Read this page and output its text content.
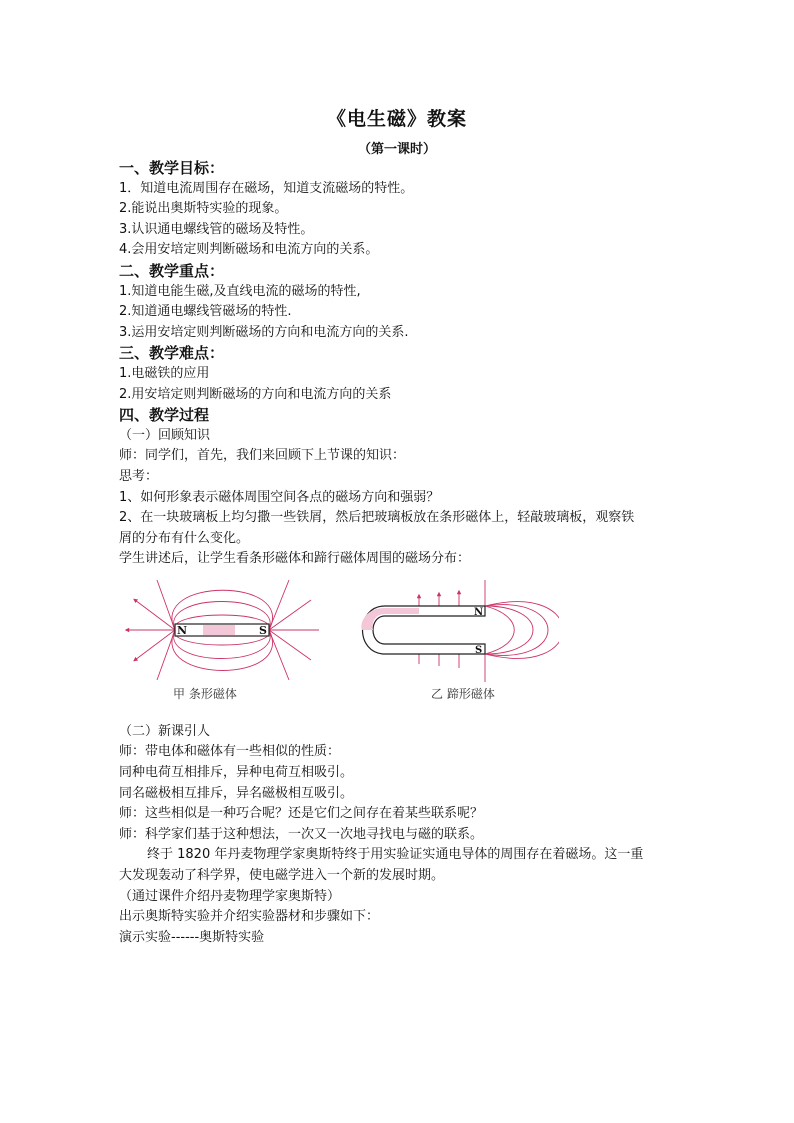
《电生磁》教案
（第一课时）
一、教学目标：
1．知道电流周围存在磁场，知道支流磁场的特性。
2.能说出奥斯特实验的现象。
3.认识通电螺线管的磁场及特性。
4.会用安培定则判断磁场和电流方向的关系。
二、教学重点：
1.知道电能生磁,及直线电流的磁场的特性,
2.知道通电螺线管磁场的特性.
3.运用安培定则判断磁场的方向和电流方向的关系.
三、教学难点：
1.电磁铁的应用
2.用安培定则判断磁场的方向和电流方向的关系
四、教学过程
（一）回顾知识
师：同学们，首先，我们来回顾下上节课的知识：
思考：
1、如何形象表示磁体周围空间各点的磁场方向和强弱？
2、在一块玻璃板上均匀撒一些铁屑，然后把玻璃板放在条形磁体上，轻敲玻璃板，观察铁
屑的分布有什么变化。
学生讲述后，让学生看条形磁体和蹄行磁体周围的磁场分布：
N	S
甲 条形磁体
N
S
乙 蹄形磁体
（二）新课引人
师：带电体和磁体有一些相似的性质：
同种电荷互相排斥，异种电荷互相吸引。
同名磁极相互排斥，异名磁极相互吸引。
师：这些相似是一种巧合呢？还是它们之间存在着某些联系呢？
师：科学家们基于这种想法，一次又一次地寻找电与磁的联系。
终于 1820 年丹麦物理学家奥斯特终于用实验证实通电导体的周围存在着磁场。这一重
大发现轰动了科学界，使电磁学进入一个新的发展时期。
（通过课件介绍丹麦物理学家奥斯特）
出示奥斯特实验并介绍实验器材和步骤如下：
演示实验------奥斯特实验
